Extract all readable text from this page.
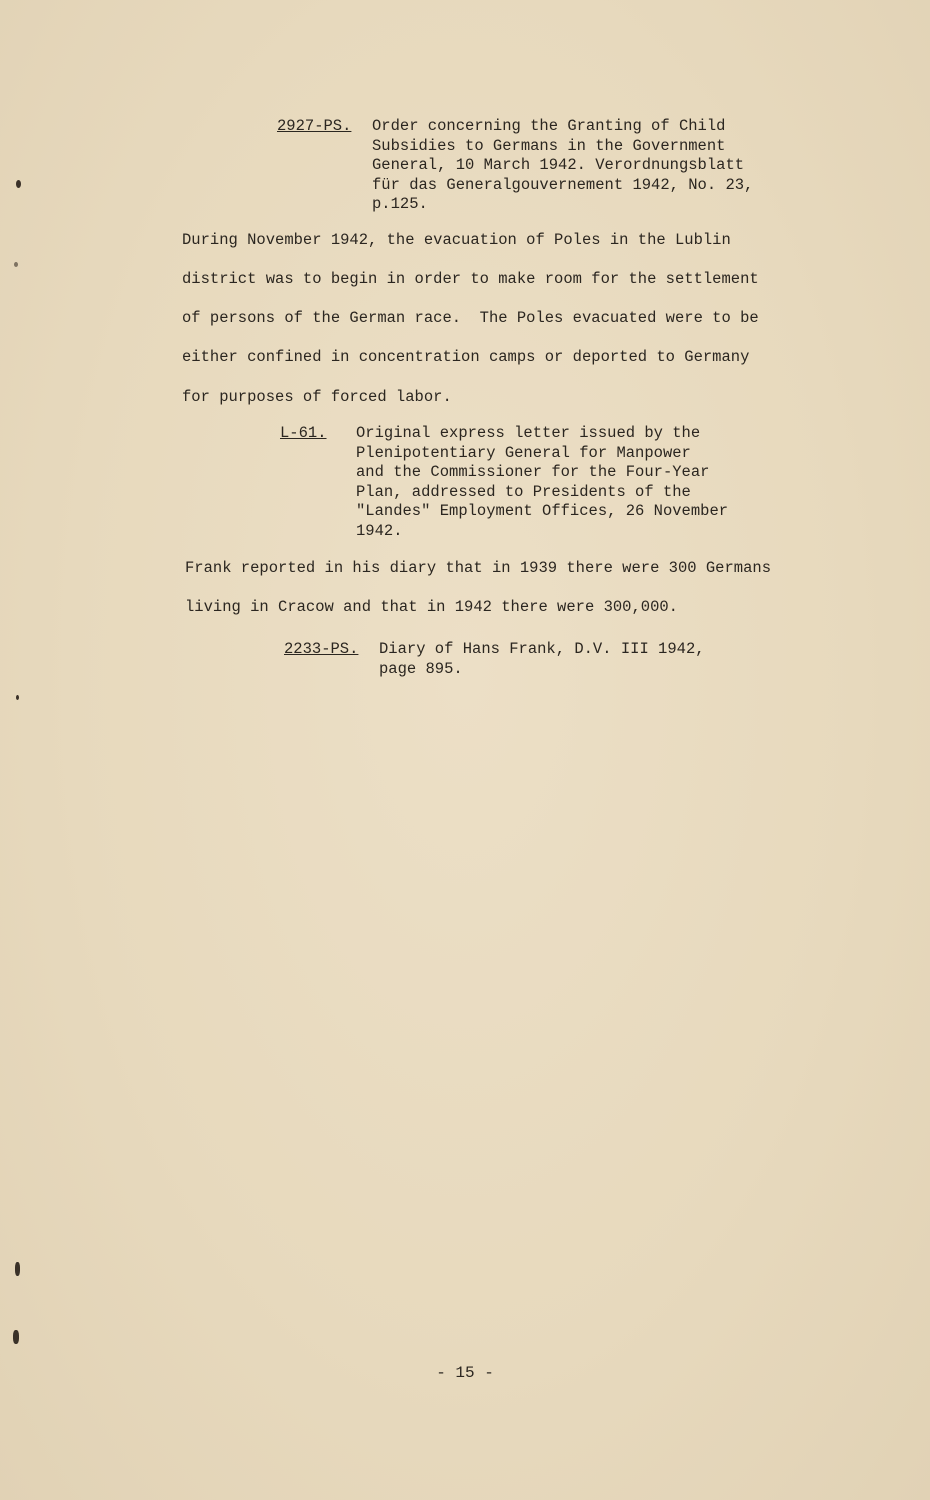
2927-PS.	Order concerning the Granting of Child
Subsidies to Germans in the Government
General, 10 March 1942. Verordnungsblatt
für das Generalgouvernement 1942, No. 23,
p.125.
During November 1942, the evacuation of Poles in the Lublin
district was to begin in order to make room for the settlement
of persons of the German race.  The Poles evacuated were to be
either confined in concentration camps or deported to Germany
for purposes of forced labor.
L-61.	Original express letter issued by the
Plenipotentiary General for Manpower
and the Commissioner for the Four-Year
Plan, addressed to Presidents of the
"Landes" Employment Offices, 26 November
1942.
Frank reported in his diary that in 1939 there were 300 Germans
living in Cracow and that in 1942 there were 300,000.
2233-PS.	Diary of Hans Frank, D.V. III 1942,
page 895.
- 15 -
